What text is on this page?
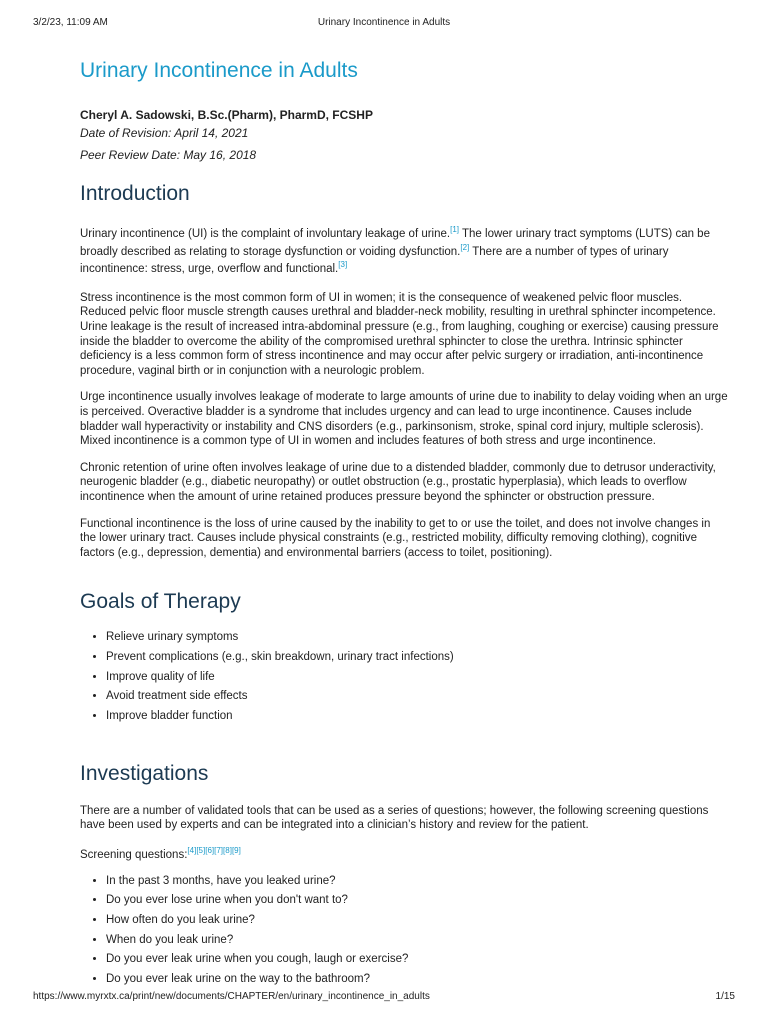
3/2/23, 11:09 AM	Urinary Incontinence in Adults
Urinary Incontinence in Adults
Cheryl A. Sadowski, B.Sc.(Pharm), PharmD, FCSHP
Date of Revision: April 14, 2021
Peer Review Date: May 16, 2018
Introduction

Urinary incontinence (UI) is the complaint of involuntary leakage of urine.[1] The lower urinary tract symptoms (LUTS) can be broadly described as relating to storage dysfunction or voiding dysfunction.[2] There are a number of types of urinary incontinence: stress, urge, overflow and functional.[3]

Stress incontinence is the most common form of UI in women; it is the consequence of weakened pelvic floor muscles. Reduced pelvic floor muscle strength causes urethral and bladder-neck mobility, resulting in urethral sphincter incompetence. Urine leakage is the result of increased intra-abdominal pressure (e.g., from laughing, coughing or exercise) causing pressure inside the bladder to overcome the ability of the compromised urethral sphincter to close the urethra. Intrinsic sphincter deficiency is a less common form of stress incontinence and may occur after pelvic surgery or irradiation, anti-incontinence procedure, vaginal birth or in conjunction with a neurologic problem.

Urge incontinence usually involves leakage of moderate to large amounts of urine due to inability to delay voiding when an urge is perceived. Overactive bladder is a syndrome that includes urgency and can lead to urge incontinence. Causes include bladder wall hyperactivity or instability and CNS disorders (e.g., parkinsonism, stroke, spinal cord injury, multiple sclerosis). Mixed incontinence is a common type of UI in women and includes features of both stress and urge incontinence.

Chronic retention of urine often involves leakage of urine due to a distended bladder, commonly due to detrusor underactivity, neurogenic bladder (e.g., diabetic neuropathy) or outlet obstruction (e.g., prostatic hyperplasia), which leads to overflow incontinence when the amount of urine retained produces pressure beyond the sphincter or obstruction pressure.

Functional incontinence is the loss of urine caused by the inability to get to or use the toilet, and does not involve changes in the lower urinary tract. Causes include physical constraints (e.g., restricted mobility, difficulty removing clothing), cognitive factors (e.g., depression, dementia) and environmental barriers (access to toilet, positioning).

Goals of Therapy
• Relieve urinary symptoms
• Prevent complications (e.g., skin breakdown, urinary tract infections)
• Improve quality of life
• Avoid treatment side effects
• Improve bladder function
Investigations

There are a number of validated tools that can be used as a series of questions; however, the following screening questions have been used by experts and can be integrated into a clinician’s history and review for the patient.

Screening questions:[4][5][6][7][8][9]

• In the past 3 months, have you leaked urine?
• Do you ever lose urine when you don't want to?
• How often do you leak urine?
• When do you leak urine?
• Do you ever leak urine when you cough, laugh or exercise?
• Do you ever leak urine on the way to the bathroom?
https://www.myrxtx.ca/print/new/documents/CHAPTER/en/urinary_incontinence_in_adults	1/15
